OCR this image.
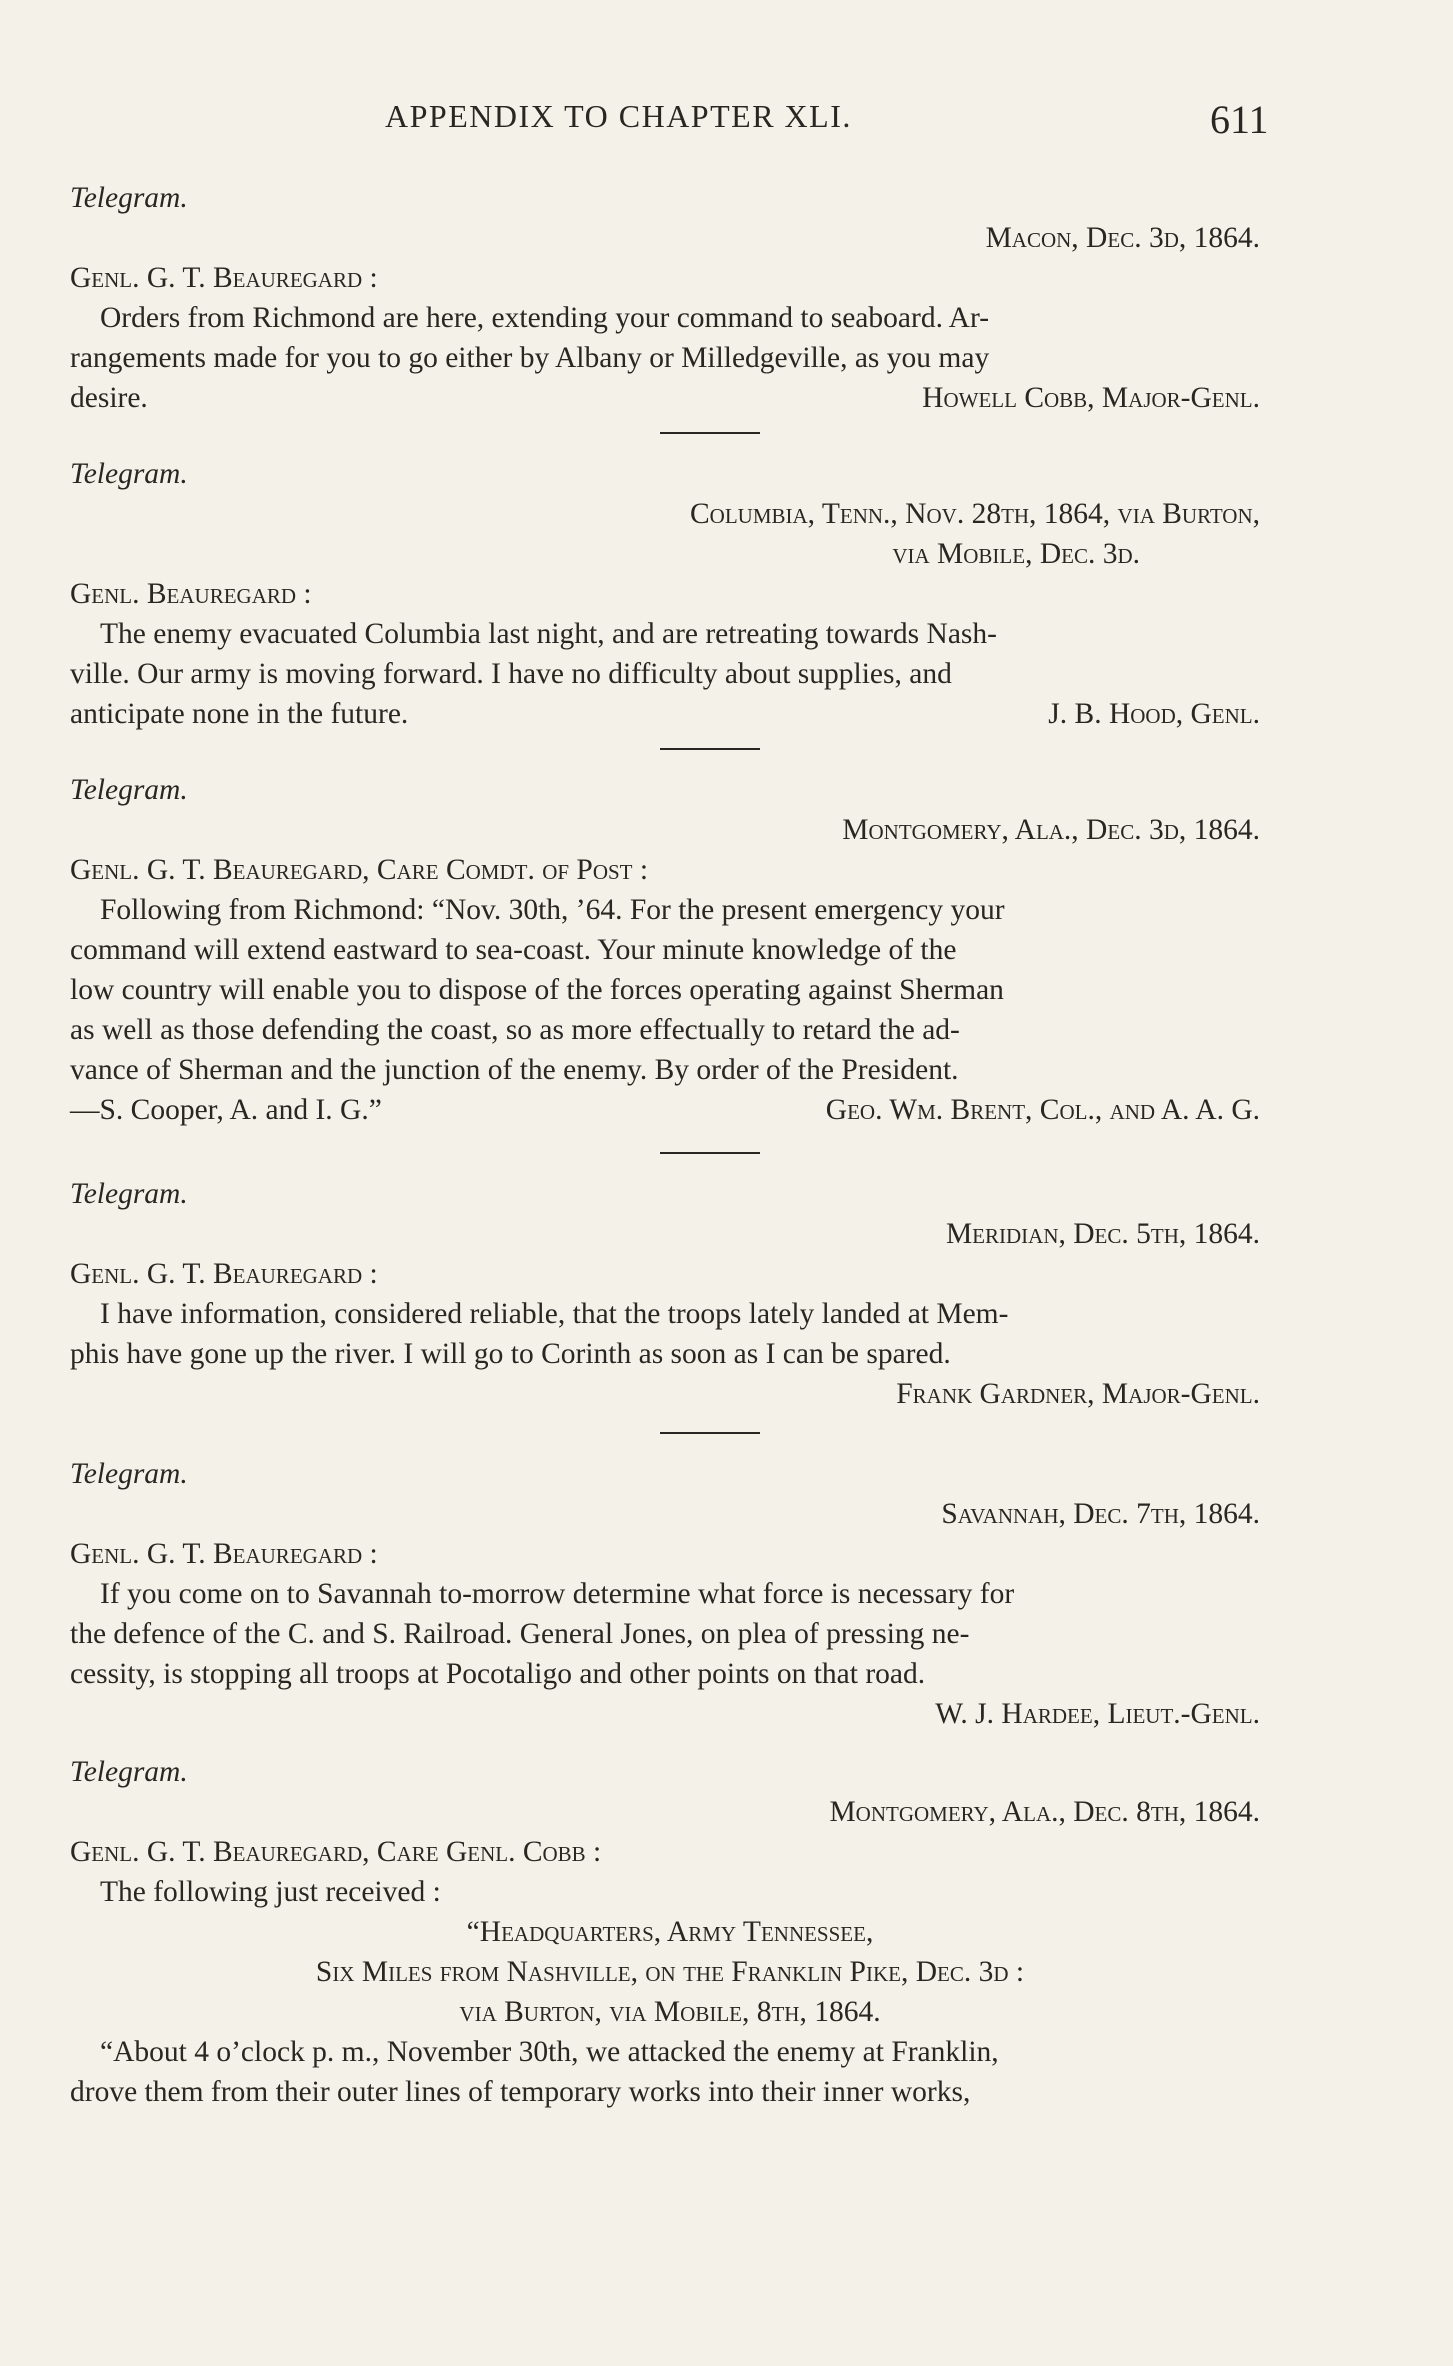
APPENDIX TO CHAPTER XLI.	611
Telegram.
Macon, Dec. 3d, 1864.
Genl. G. T. Beauregard :
Orders from Richmond are here, extending your command to seaboard. Ar-
rangements made for you to go either by Albany or Milledgeville, as you may
desire.	Howell Cobb, Major-Genl.
Telegram.
Columbia, Tenn., Nov. 28th, 1864, via Burton,
via Mobile, Dec. 3d.
Genl. Beauregard :
The enemy evacuated Columbia last night, and are retreating towards Nash-
ville. Our army is moving forward. I have no difficulty about supplies, and
anticipate none in the future.	J. B. Hood, Genl.
Telegram.
Montgomery, Ala., Dec. 3d, 1864.
Genl. G. T. Beauregard, Care Comdt. of Post :
Following from Richmond: “Nov. 30th, ’64. For the present emergency your
command will extend eastward to sea-coast. Your minute knowledge of the
low country will enable you to dispose of the forces operating against Sherman
as well as those defending the coast, so as more effectually to retard the ad-
vance of Sherman and the junction of the enemy. By order of the President.
—S. Cooper, A. and I. G.”	Geo. Wm. Brent, Col., and A. A. G.
Telegram.
Meridian, Dec. 5th, 1864.
Genl. G. T. Beauregard :
I have information, considered reliable, that the troops lately landed at Mem-
phis have gone up the river. I will go to Corinth as soon as I can be spared.
Frank Gardner, Major-Genl.
Telegram.
Savannah, Dec. 7th, 1864.
Genl. G. T. Beauregard :
If you come on to Savannah to-morrow determine what force is necessary for
the defence of the C. and S. Railroad. General Jones, on plea of pressing ne-
cessity, is stopping all troops at Pocotaligo and other points on that road.
W. J. Hardee, Lieut.-Genl.
Telegram.
Montgomery, Ala., Dec. 8th, 1864.
Genl. G. T. Beauregard, Care Genl. Cobb :
The following just received :
“Headquarters, Army Tennessee,
Six Miles from Nashville, on the Franklin Pike, Dec. 3d :
via Burton, via Mobile, 8th, 1864.
“About 4 o’clock p. m., November 30th, we attacked the enemy at Franklin,
drove them from their outer lines of temporary works into their inner works,
